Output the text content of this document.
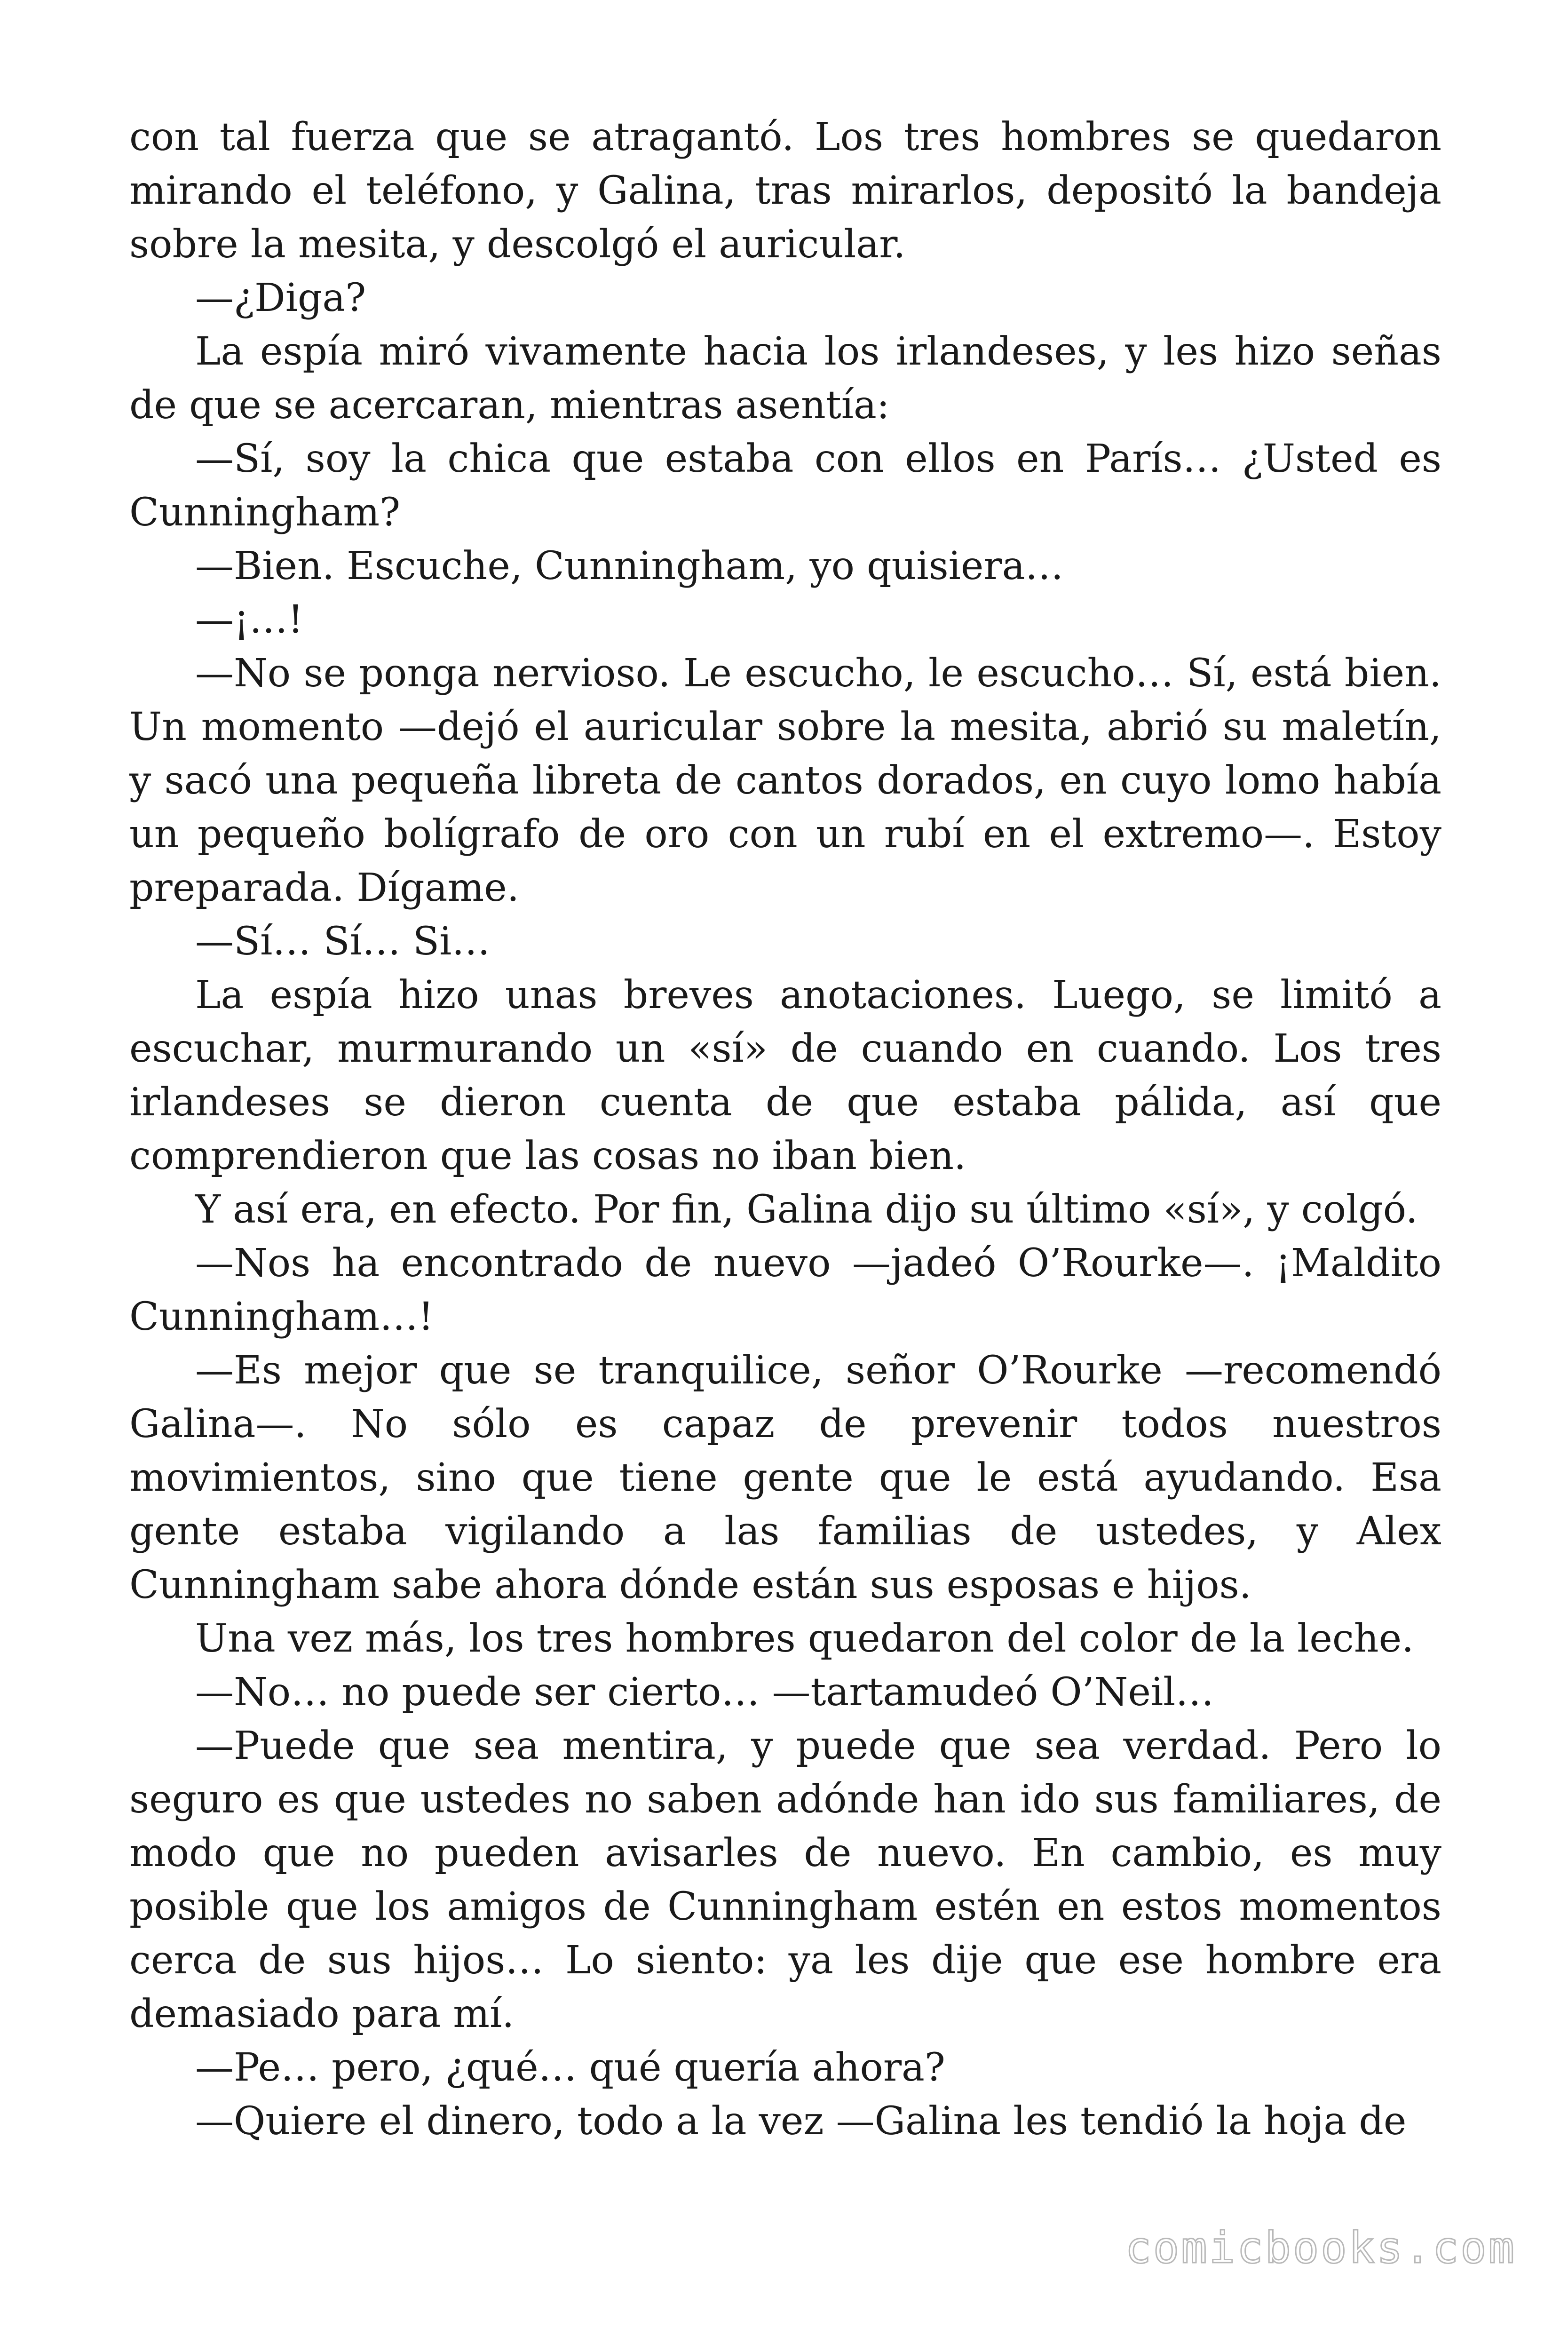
con tal fuerza que se atragantó. Los tres hombres se quedaron mirando el teléfono, y Galina, tras mirarlos, depositó la bandeja sobre la mesita, y descolgó el auricular.

—¿Diga?

La espía miró vivamente hacia los irlandeses, y les hizo señas de que se acercaran, mientras asentía:

—Sí, soy la chica que estaba con ellos en París… ¿Usted es Cunningham?

—Bien. Escuche, Cunningham, yo quisiera…

—¡…!

—No se ponga nervioso. Le escucho, le escucho… Sí, está bien. Un momento —dejó el auricular sobre la mesita, abrió su maletín, y sacó una pequeña libreta de cantos dorados, en cuyo lomo había un pequeño bolígrafo de oro con un rubí en el extremo—. Estoy preparada. Dígame.

—Sí… Sí… Si…

La espía hizo unas breves anotaciones. Luego, se limitó a escuchar, murmurando un «sí» de cuando en cuando. Los tres irlandeses se dieron cuenta de que estaba pálida, así que comprendieron que las cosas no iban bien.

Y así era, en efecto. Por fin, Galina dijo su último «sí», y colgó.

—Nos ha encontrado de nuevo —jadeó O’Rourke—. ¡Maldito Cunningham…!

—Es mejor que se tranquilice, señor O’Rourke —recomendó Galina—. No sólo es capaz de prevenir todos nuestros movimientos, sino que tiene gente que le está ayudando. Esa gente estaba vigilando a las familias de ustedes, y Alex Cunningham sabe ahora dónde están sus esposas e hijos.

Una vez más, los tres hombres quedaron del color de la leche.

—No… no puede ser cierto… —tartamudeó O’Neil…

—Puede que sea mentira, y puede que sea verdad. Pero lo seguro es que ustedes no saben adónde han ido sus familiares, de modo que no pueden avisarles de nuevo. En cambio, es muy posible que los amigos de Cunningham estén en estos momentos cerca de sus hijos… Lo siento: ya les dije que ese hombre era demasiado para mí.

—Pe… pero, ¿qué… qué quería ahora?

—Quiere el dinero, todo a la vez —Galina les tendió la hoja de

comicbooks.com
